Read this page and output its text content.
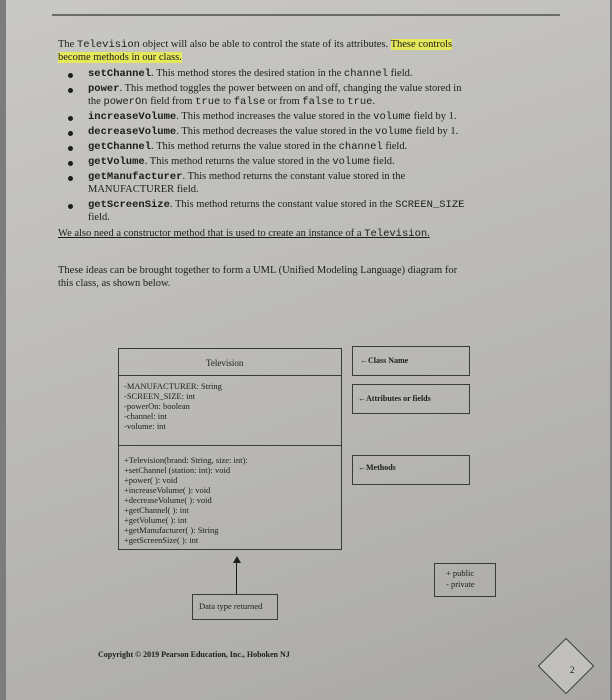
The Television object will also be able to control the state of its attributes. These controls
become methods in our class.
setChannel. This method stores the desired station in the channel field.
power. This method toggles the power between on and off, changing the value stored in
the powerOn field from true to false or from false to true.
increaseVolume. This method increases the value stored in the volume field by 1.
decreaseVolume. This method decreases the value stored in the volume field by 1.
getChannel. This method returns the value stored in the channel field.
getVolume. This method returns the value stored in the volume field.
getManufacturer. This method returns the constant value stored in the
MANUFACTURER field.
getScreenSize. This method returns the constant value stored in the SCREEN_SIZE
field.
We also need a constructor method that is used to create an instance of a Television.
These ideas can be brought together to form a UML (Unified Modeling Language) diagram for
this class, as shown below.
Television
-MANUFACTURER: String
-SCREEN_SIZE: int
-powerOn: boolean
-channel: int
-volume: int
+Television(brand: String, size: int):
+setChannel (station: int): void
+power( ): void
+increaseVolume( ): void
+decreaseVolume( ): void
+getChannel( ): int
+getVolume( ): int
+getManufacturer( ): String
+getScreenSize( ): int
Data type returned
←Class Name
←Attributes or fields
←Methods
+ public
- private
Copyright © 2019 Pearson Education, Inc., Hoboken NJ
2
